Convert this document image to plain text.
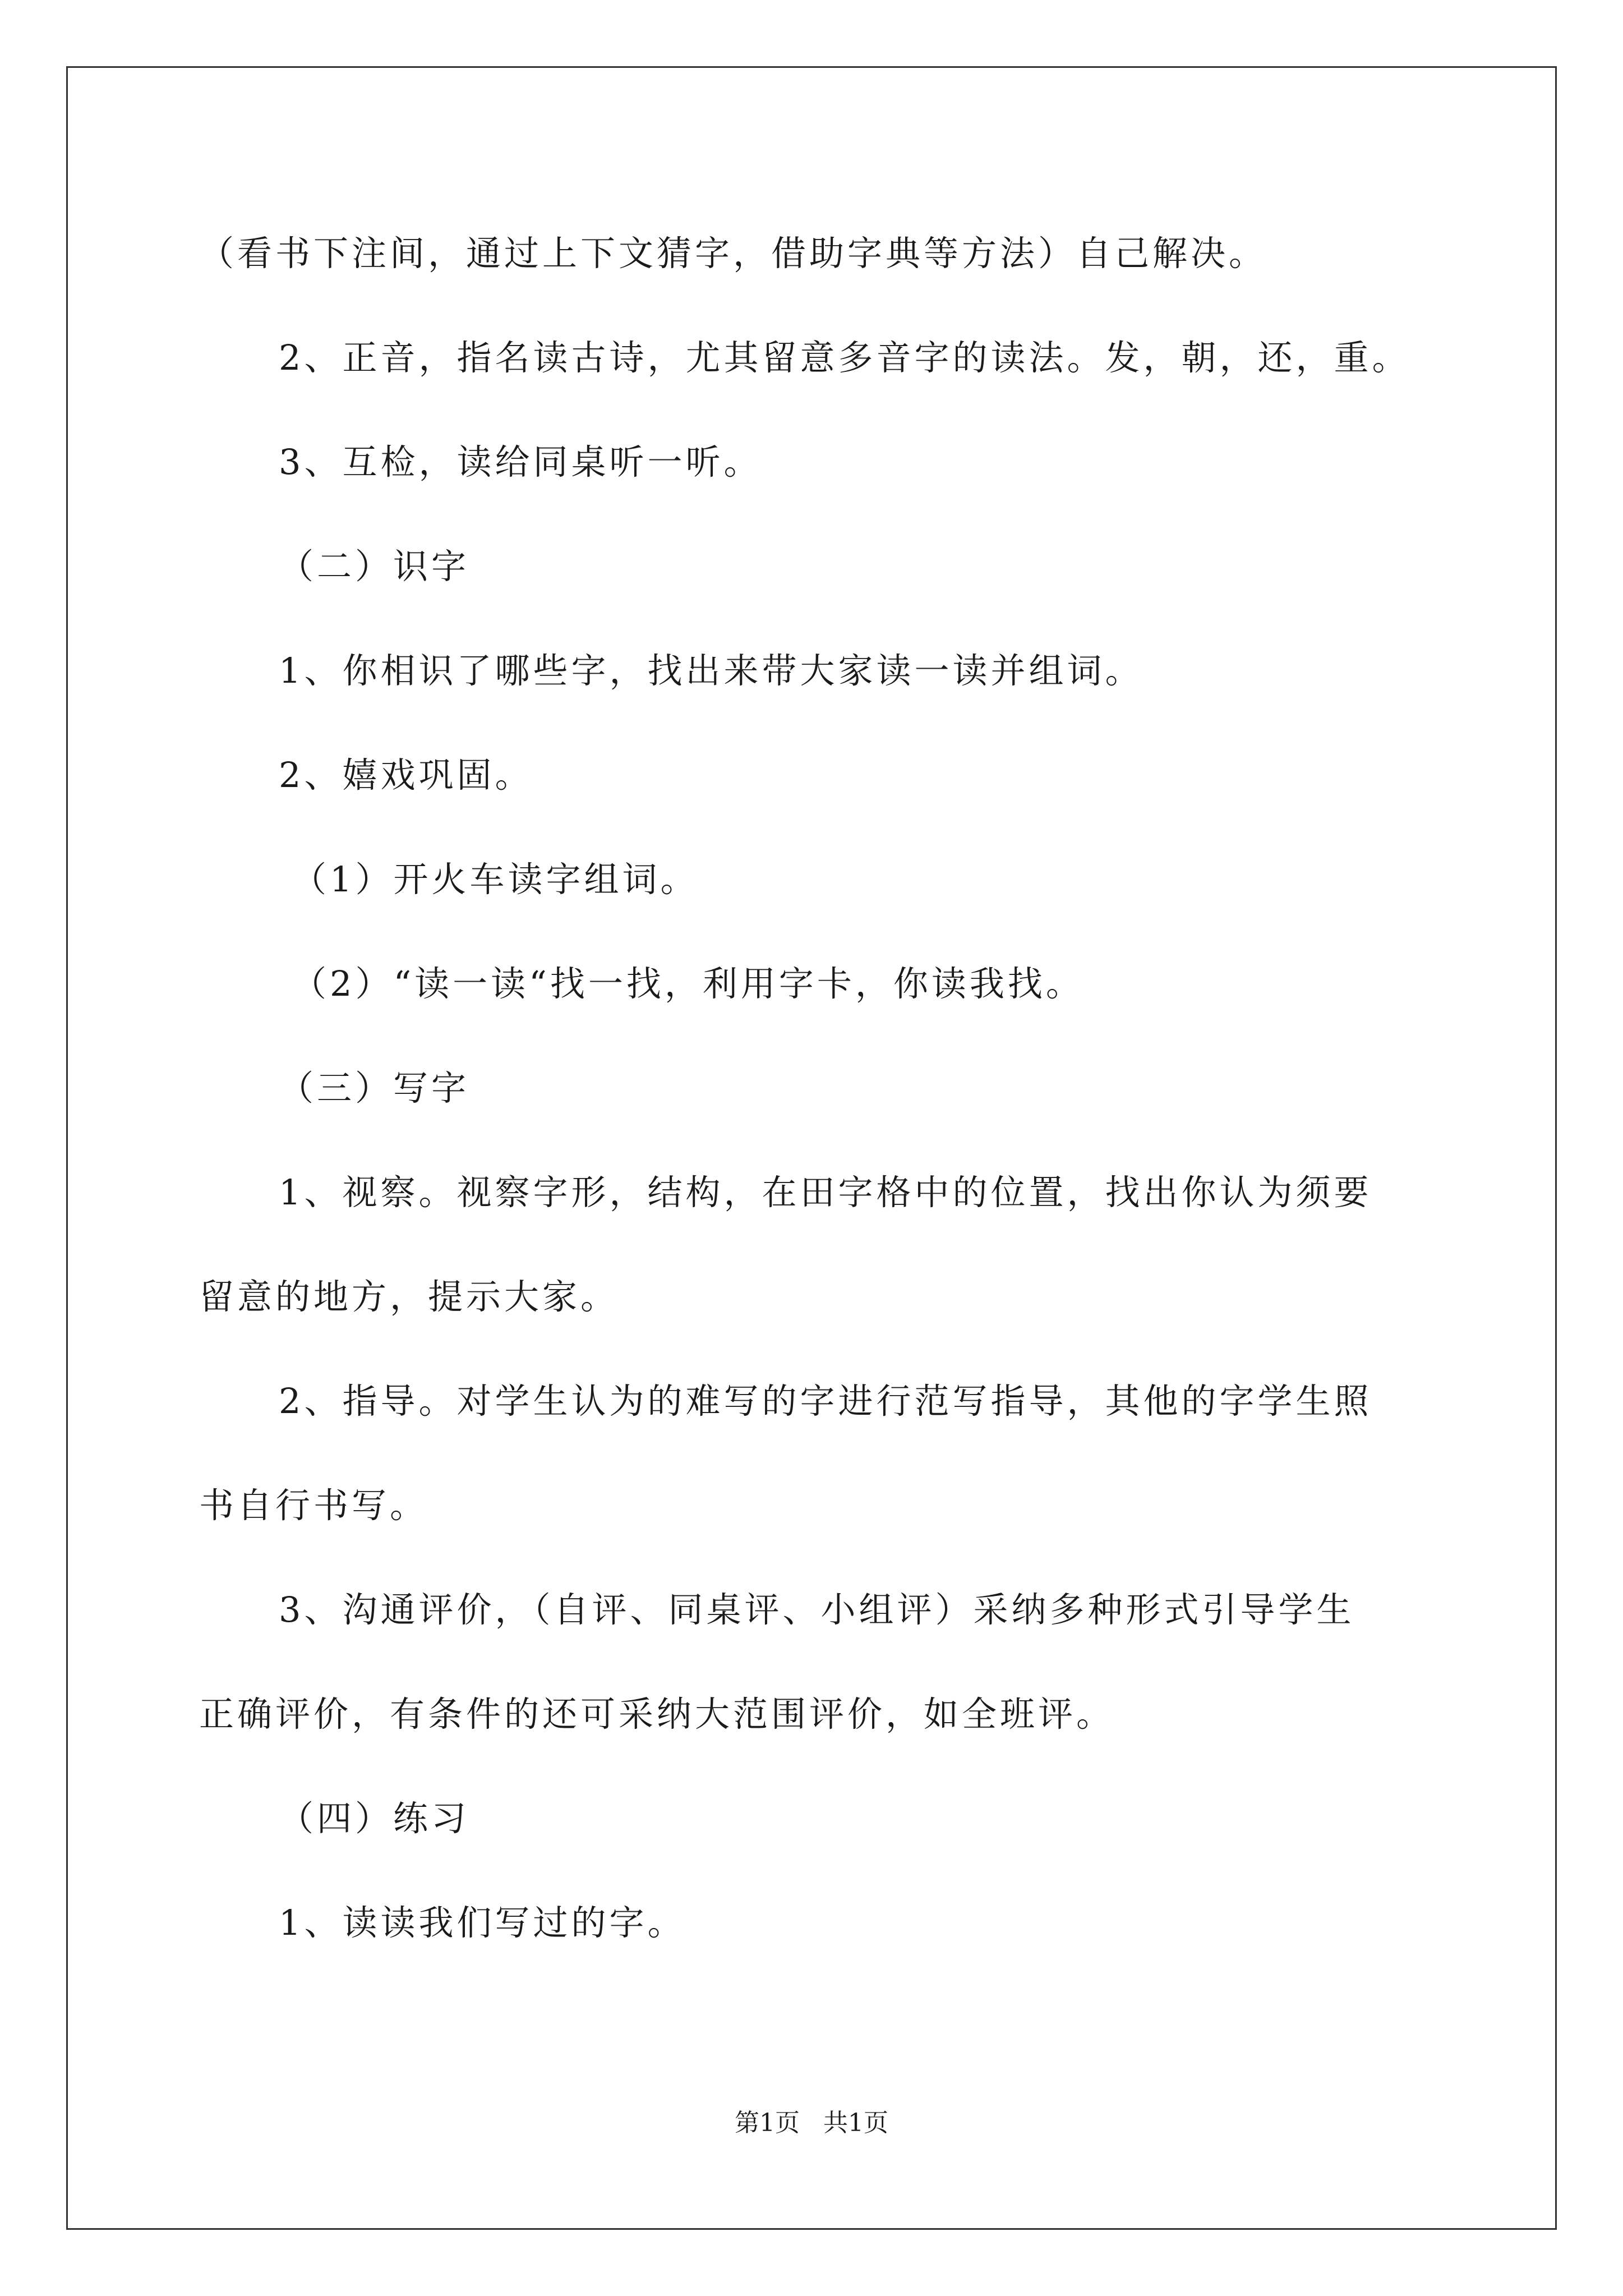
（看书下注间，通过上下文猜字，借助字典等方法）自己解决。
2、正音，指名读古诗，尤其留意多音字的读法。发，朝，还，重。
3、互检，读给同桌听一听。
（二）识字
1、你相识了哪些字，找出来带大家读一读并组词。
2、嬉戏巩固。
（1）开火车读字组词。
（2）“读一读“找一找，利用字卡，你读我找。
（三）写字
1、视察。视察字形，结构，在田字格中的位置，找出你认为须要
留意的地方，提示大家。
2、指导。对学生认为的难写的字进行范写指导，其他的字学生照
书自行书写。
3、沟通评价，（自评、同桌评、小组评）采纳多种形式引导学生
正确评价，有条件的还可采纳大范围评价，如全班评。
（四）练习
1、读读我们写过的字。
第1页   共1页
